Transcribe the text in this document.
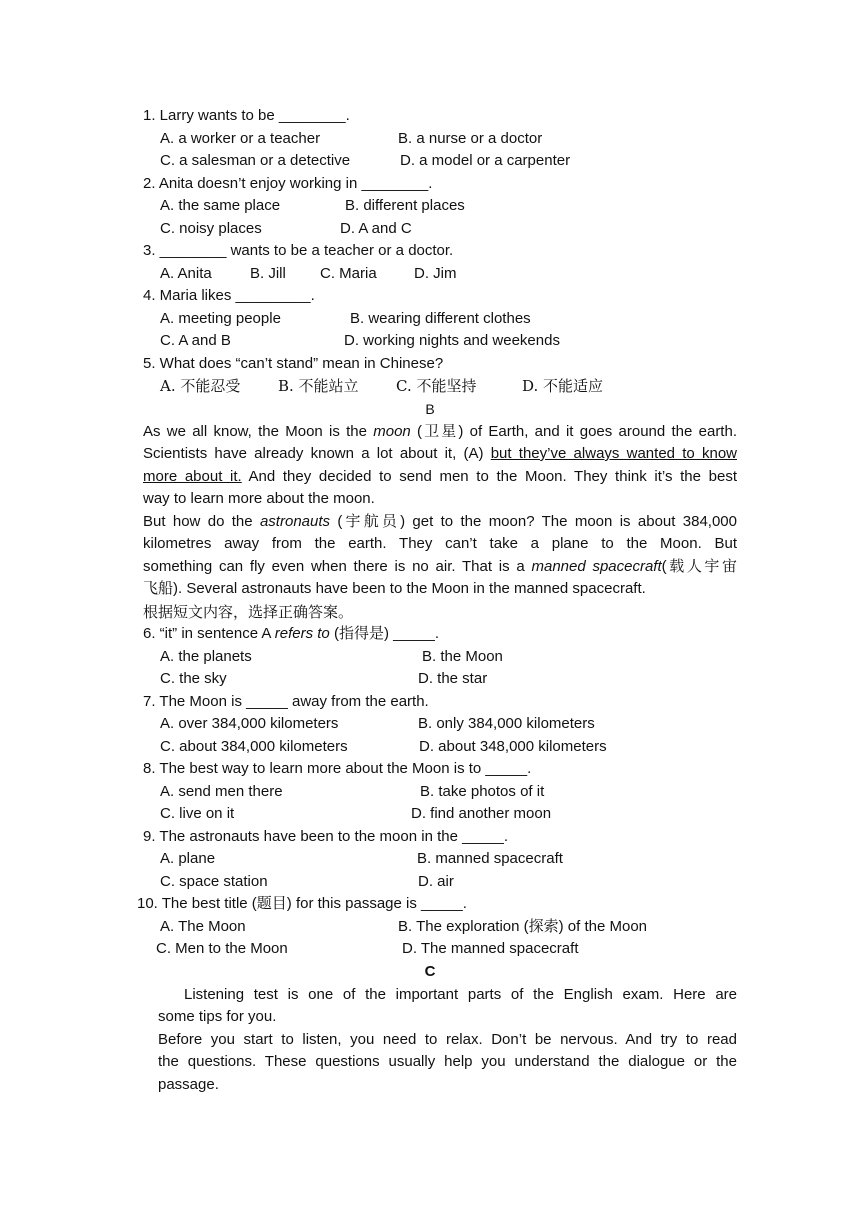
1. Larry wants to be ________.
A. a worker or a teacher	B. a nurse or a doctor
C. a salesman or a detective	D. a model or a carpenter
2. Anita doesn’t enjoy working in ________.
A. the same place	B. different places
C. noisy places	D. A and C
3. ________ wants to be a teacher or a doctor.
A. Anita	B. Jill C. Maria D. Jim
4. Maria likes _________.
A. meeting people	B. wearing different clothes
C. A and B	D. working nights and weekends
5. What does “can’t stand” mean in Chinese?
A. 不能忍受	B. 不能站立 C. 不能坚持	D. 不能适应
B
As we all know, the Moon is the moon (卫星) of Earth, and it goes around the earth.
Scientists have already known a lot about it, (A) but they’ve always wanted to know
more about it. And they decided to send men to the Moon. They think it’s the best
way to learn more about the moon.
But how do the astronauts (宇航员) get to the moon? The moon is about 384,000
kilometres away from the earth. They can’t take a plane to the Moon. But
something can fly even when there is no air. That is a manned spacecraft(载人宇宙
飞船). Several astronauts have been to the Moon in the manned spacecraft.
根据短文内容，选择正确答案。
6. “it” in sentence A refers to (指得是) _____.
A. the planets	B. the Moon
C. the sky	D. the star
7. The Moon is _____ away from the earth.
A. over 384,000 kilometers	B. only 384,000 kilometers
C. about 384,000 kilometers	D. about 348,000 kilometers
8. The best way to learn more about the Moon is to _____.
A. send men there	B. take photos of it
C. live on it	D. find another moon
9. The astronauts have been to the moon in the _____.
A. plane	B. manned spacecraft
C. space station	D. air
10. The best title (题目) for this passage is _____.
A. The Moon	B. The exploration (探索) of the Moon
C. Men to the Moon	D. The manned spacecraft
C
Listening test is one of the important parts of the English exam. Here are
some tips for you.
Before you start to listen, you need to relax. Don’t be nervous. And try to read
the questions. These questions usually help you understand the dialogue or the
passage.
